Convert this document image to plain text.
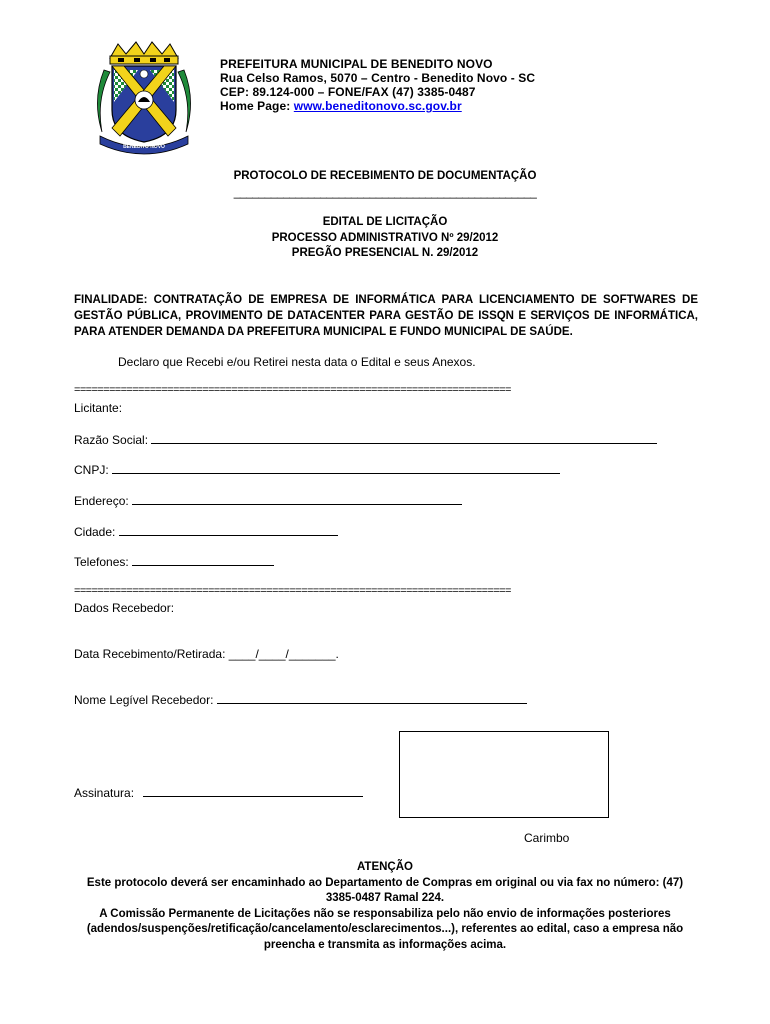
BENEDITO NOVO
PREFEITURA MUNICIPAL DE BENEDITO NOVO
Rua Celso Ramos, 5070 – Centro - Benedito Novo - SC
CEP: 89.124-000 – FONE/FAX (47) 3385-0487
Home Page: www.beneditonovo.sc.gov.br
PROTOCOLO DE RECEBIMENTO DE DOCUMENTAÇÃO
_________________________________________________
EDITAL DE LICITAÇÃO
PROCESSO ADMINISTRATIVO Nº 29/2012
PREGÃO PRESENCIAL N. 29/2012
FINALIDADE: CONTRATAÇÃO DE EMPRESA DE INFORMÁTICA PARA LICENCIAMENTO DE SOFTWARES DE GESTÃO PÚBLICA, PROVIMENTO DE DATACENTER PARA GESTÃO DE ISSQN E SERVIÇOS DE INFORMÁTICA, PARA ATENDER DEMANDA DA PREFEITURA MUNICIPAL E FUNDO MUNICIPAL DE SAÚDE.
Declaro que Recebi e/ou Retirei nesta data o Edital e seus Anexos.
===========================================================================
Licitante:
Razão Social:
CNPJ:
Endereço:
Cidade:
Telefones:
===========================================================================
Dados Recebedor:
Data Recebimento/Retirada: ____/____/_______.
Nome Legível Recebedor:
Assinatura:
Carimbo
ATENÇÃO
Este protocolo deverá ser encaminhado ao Departamento de Compras em original ou via fax no número: (47)
3385-0487 Ramal 224.
A Comissão Permanente de Licitações não se responsabiliza pelo não envio de informações posteriores
(adendos/suspenções/retificação/cancelamento/esclarecimentos...), referentes ao edital, caso a empresa não
preencha e transmita as informações acima.
